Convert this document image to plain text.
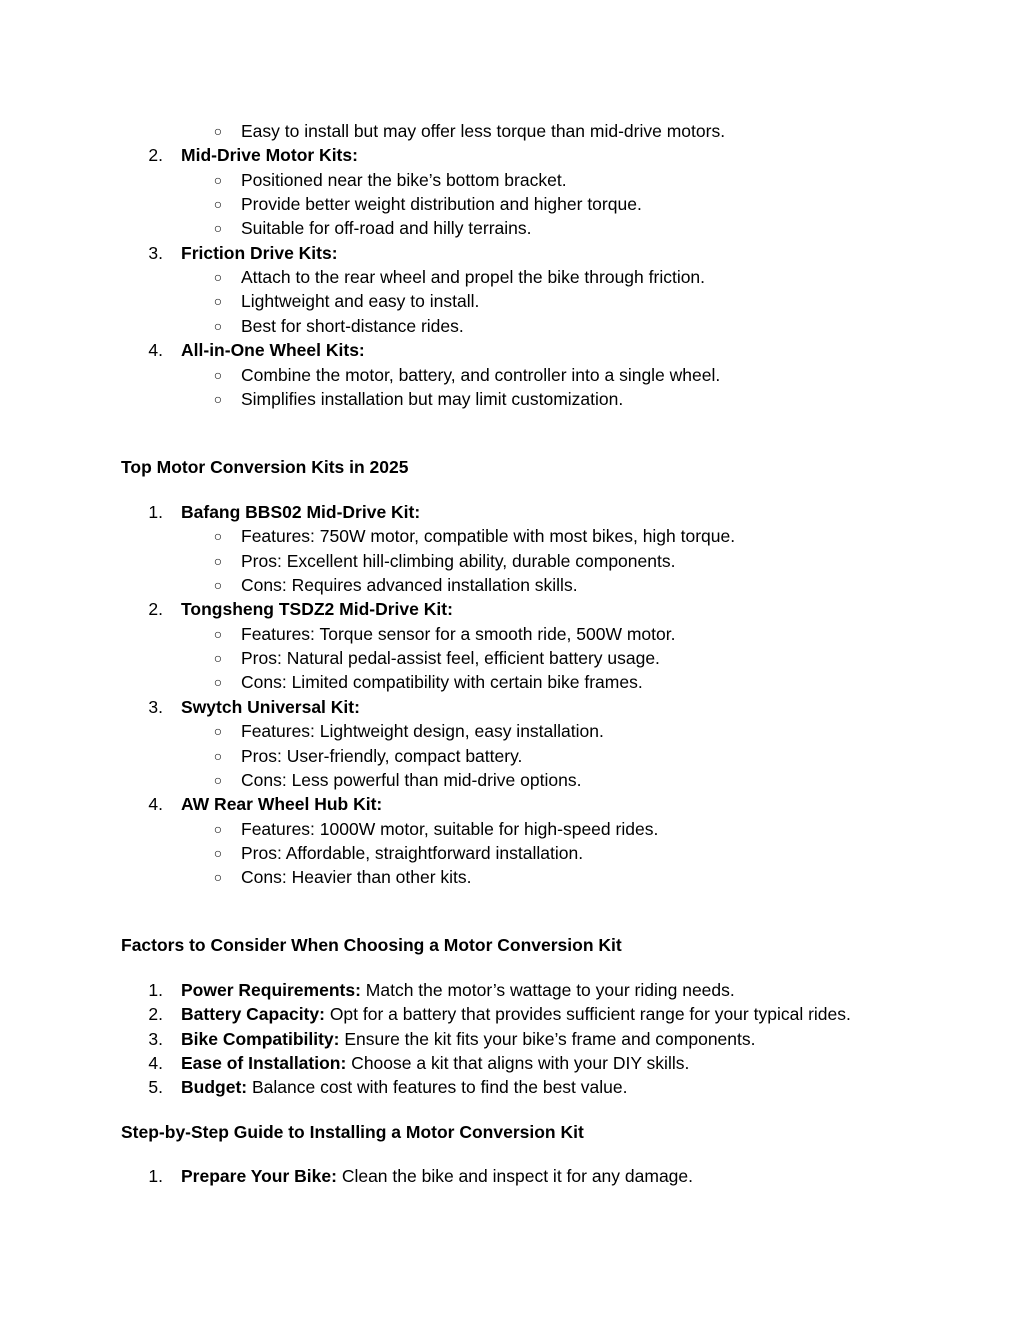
○ Easy to install but may offer less torque than mid-drive motors.
2. Mid-Drive Motor Kits:
○ Positioned near the bike’s bottom bracket.
○ Provide better weight distribution and higher torque.
○ Suitable for off-road and hilly terrains.
3. Friction Drive Kits:
○ Attach to the rear wheel and propel the bike through friction.
○ Lightweight and easy to install.
○ Best for short-distance rides.
4. All-in-One Wheel Kits:
○ Combine the motor, battery, and controller into a single wheel.
○ Simplifies installation but may limit customization.
Top Motor Conversion Kits in 2025
1. Bafang BBS02 Mid-Drive Kit:
○ Features: 750W motor, compatible with most bikes, high torque.
○ Pros: Excellent hill-climbing ability, durable components.
○ Cons: Requires advanced installation skills.
2. Tongsheng TSDZ2 Mid-Drive Kit:
○ Features: Torque sensor for a smooth ride, 500W motor.
○ Pros: Natural pedal-assist feel, efficient battery usage.
○ Cons: Limited compatibility with certain bike frames.
3. Swytch Universal Kit:
○ Features: Lightweight design, easy installation.
○ Pros: User-friendly, compact battery.
○ Cons: Less powerful than mid-drive options.
4. AW Rear Wheel Hub Kit:
○ Features: 1000W motor, suitable for high-speed rides.
○ Pros: Affordable, straightforward installation.
○ Cons: Heavier than other kits.
Factors to Consider When Choosing a Motor Conversion Kit
1. Power Requirements: Match the motor’s wattage to your riding needs.
2. Battery Capacity: Opt for a battery that provides sufficient range for your typical rides.
3. Bike Compatibility: Ensure the kit fits your bike’s frame and components.
4. Ease of Installation: Choose a kit that aligns with your DIY skills.
5. Budget: Balance cost with features to find the best value.
Step-by-Step Guide to Installing a Motor Conversion Kit
1. Prepare Your Bike: Clean the bike and inspect it for any damage.
